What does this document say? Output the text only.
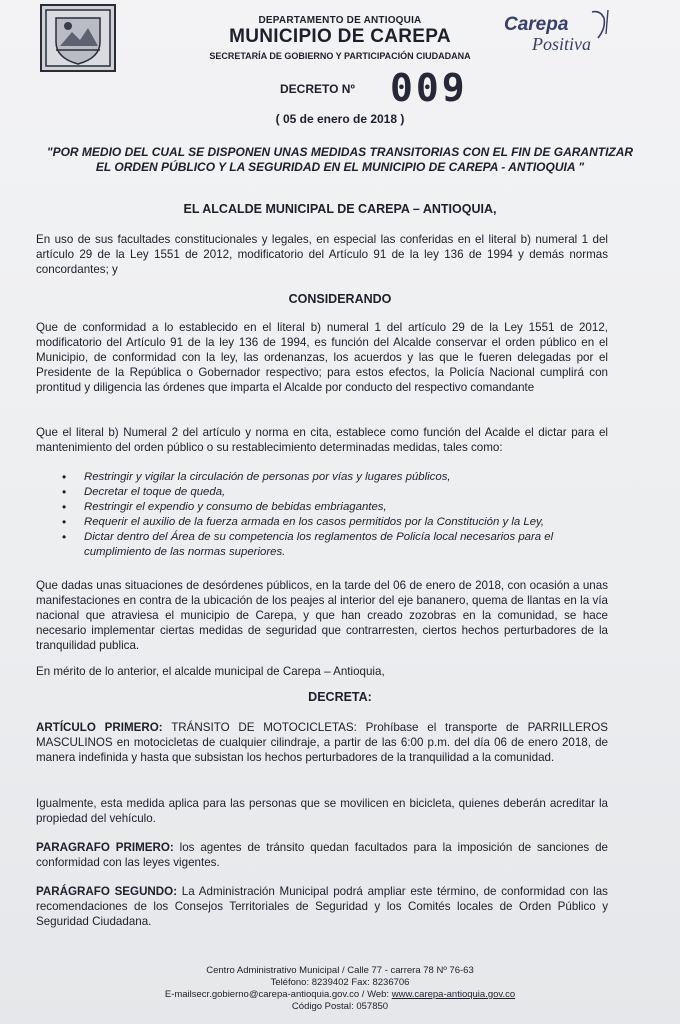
DEPARTAMENTO DE ANTIOQUIA
MUNICIPIO DE CAREPA
SECRETARÍA DE GOBIERNO Y PARTICIPACIÓN CIUDADANA
Carepa
Positiva
DECRETO Nº 009
( 05 de enero de 2018 )
"POR MEDIO DEL CUAL SE DISPONEN UNAS MEDIDAS TRANSITORIAS CON EL FIN DE GARANTIZAR EL ORDEN PÚBLICO Y LA SEGURIDAD EN EL MUNICIPIO DE CAREPA - ANTIOQUIA "
EL ALCALDE MUNICIPAL DE CAREPA – ANTIOQUIA,
En uso de sus facultades constitucionales y legales, en especial las conferidas en el literal b) numeral 1 del artículo 29 de la Ley 1551 de 2012, modificatorio del Artículo 91 de la ley 136 de 1994 y demás normas concordantes; y
CONSIDERANDO
Que de conformidad a lo establecido en el literal b) numeral 1 del artículo 29 de la Ley 1551 de 2012, modificatorio del Artículo 91 de la ley 136 de 1994, es función del Alcalde conservar el orden público en el Municipio, de conformidad con la ley, las ordenanzas, los acuerdos y las que le fueren delegadas por el Presidente de la República o Gobernador respectivo; para estos efectos, la Policía Nacional cumplirá con prontitud y diligencia las órdenes que imparta el Alcalde por conducto del respectivo comandante
Que el literal b) Numeral 2 del artículo y norma en cita, establece como función del Acalde el dictar para el mantenimiento del orden público o su restablecimiento determinadas medidas, tales como:
• Restringir y vigilar la circulación de personas por vías y lugares públicos,
• Decretar el toque de queda,
• Restringir el expendio y consumo de bebidas embriagantes,
• Requerir el auxilio de la fuerza armada en los casos permitidos por la Constitución y la Ley,
• Dictar dentro del Área de su competencia los reglamentos de Policía local necesarios para el cumplimiento de las normas superiores.
Que dadas unas situaciones de desórdenes públicos, en la tarde del 06 de enero de 2018, con ocasión a unas manifestaciones en contra de la ubicación de los peajes al interior del eje bananero, quema de llantas en la vía nacional que atraviesa el municipio de Carepa, y que han creado zozobras en la comunidad, se hace necesario implementar ciertas medidas de seguridad que contrarresten, ciertos hechos perturbadores de la tranquilidad publica.
En mérito de lo anterior, el alcalde municipal de Carepa – Antioquia,
DECRETA:
ARTÍCULO PRIMERO: TRÁNSITO DE MOTOCICLETAS: Prohíbase el transporte de PARRILLEROS MASCULINOS en motocicletas de cualquier cilindraje, a partir de las 6:00 p.m. del día 06 de enero 2018, de manera indefinida y hasta que subsistan los hechos perturbadores de la tranquilidad a la comunidad.
Igualmente, esta medida aplica para las personas que se movilicen en bicicleta, quienes deberán acreditar la propiedad del vehículo.
PARAGRAFO PRIMERO: los agentes de tránsito quedan facultados para la imposición de sanciones de conformidad con las leyes vigentes.
PARÁGRAFO SEGUNDO: La Administración Municipal podrá ampliar este término, de conformidad con las recomendaciones de los Consejos Territoriales de Seguridad y los Comités locales de Orden Público y Seguridad Ciudadana.
Centro Administrativo Municipal / Calle 77 - carrera 78 Nº 76-63
Teléfono: 8239402 Fax: 8236706
E-mailsecr.gobierno@carepa-antioquia.gov.co / Web: www.carepa-antioquia.gov.co
Código Postal: 057850
